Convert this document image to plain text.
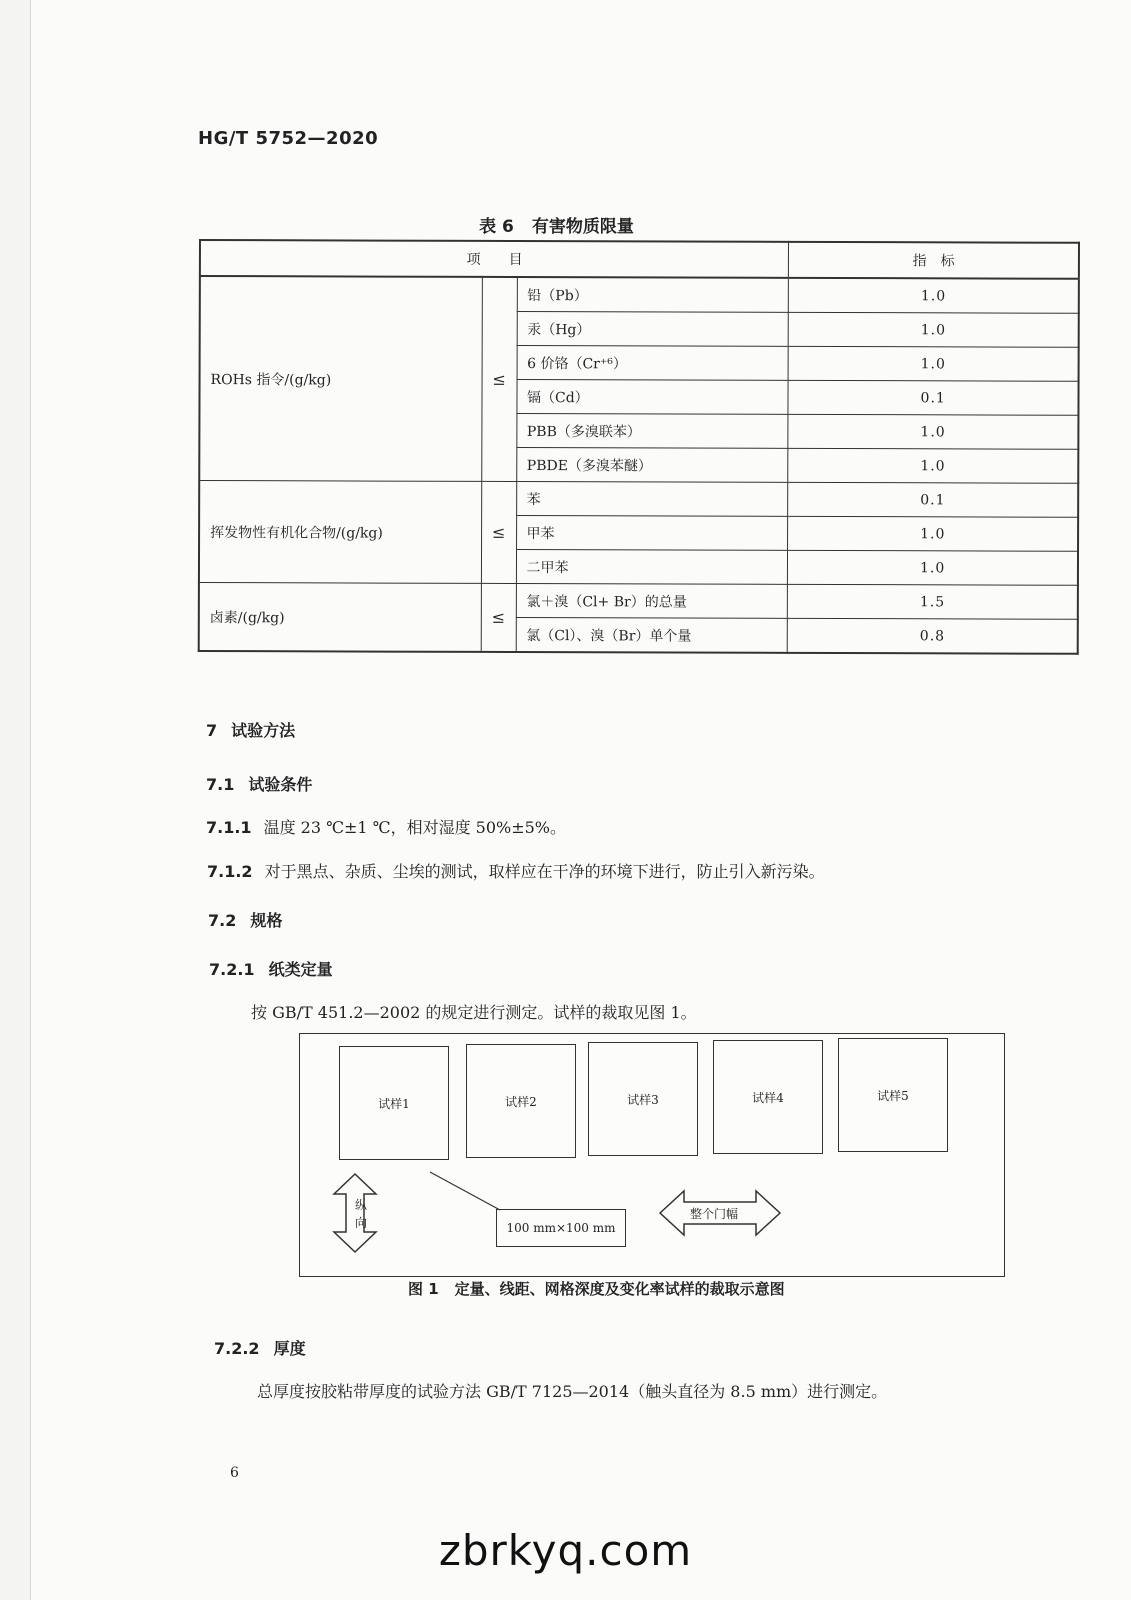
HG/T 5752—2020
表 6 有害物质限量
项　　目			指　标
ROHs 指令/(g/kg)	≤	铅（Pb）	1.0
		汞（Hg）	1.0
		6 价铬（Cr⁺⁶）	1.0
		镉（Cd）	0.1
		PBB（多溴联苯）	1.0
		PBDE（多溴苯醚）	1.0
挥发物性有机化合物/(g/kg)	≤	苯	0.1
		甲苯	1.0
		二甲苯	1.0
卤素/(g/kg)	≤	氯＋溴（Cl+ Br）的总量	1.5
		氯（Cl）、溴（Br）单个量	0.8
7 试验方法
7.1 试验条件
7.1.1 温度 23 ℃±1 ℃，相对湿度 50%±5%。
7.1.2 对于黑点、杂质、尘埃的测试，取样应在干净的环境下进行，防止引入新污染。
7.2 规格
7.2.1 纸类定量
按 GB/T 451.2—2002 的规定进行测定。试样的裁取见图 1。
试样1	试样2	试样3	试样4	试样5
100 mm×100 mm
纵
向
整个门幅
图 1 定量、线距、网格深度及变化率试样的裁取示意图
7.2.2 厚度
总厚度按胶粘带厚度的试验方法 GB/T 7125—2014（触头直径为 8.5 mm）进行测定。
6
zbrkyq.com
